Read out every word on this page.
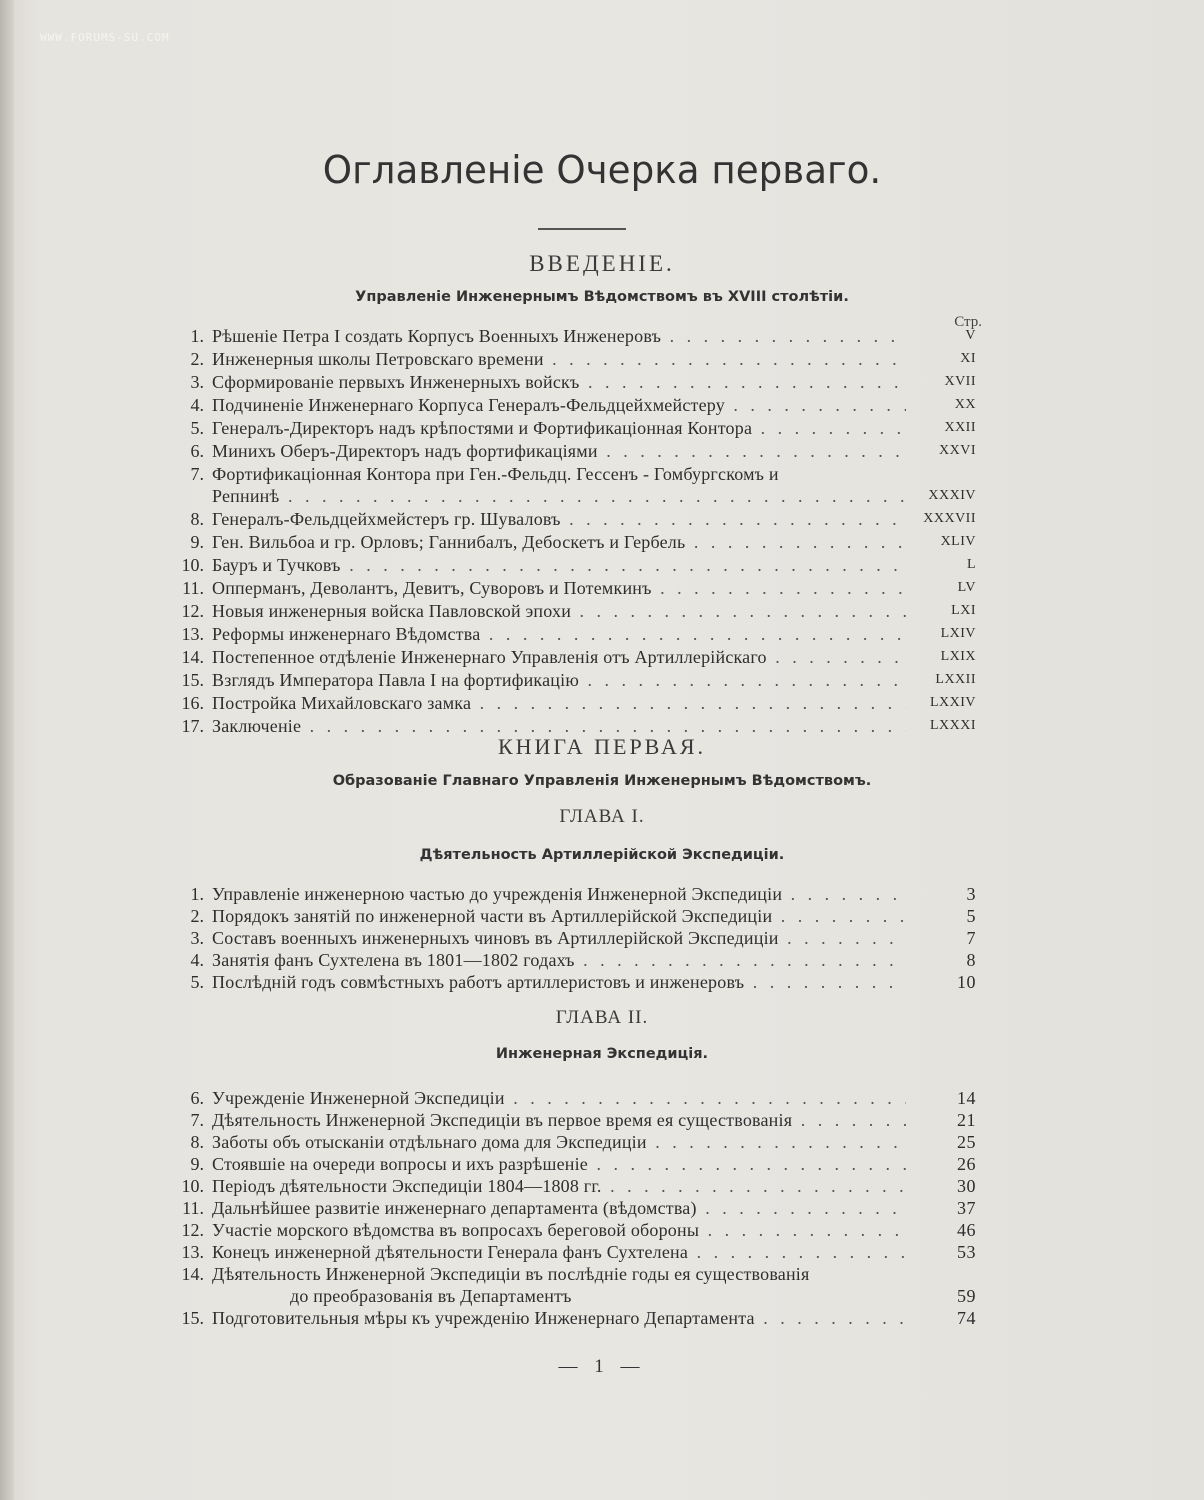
WWW.FORUMS-SU.COM
Оглавленіе Очерка перваго.
ВВЕДЕНІЕ.
Управленіе Инженернымъ Вѣдомствомъ въ XVIII столѣтіи.
Стр.
1. Рѣшеніе Петра I создать Корпусъ Военныхъ Инженеровъ . . .	V
2. Инженерныя школы Петровскаго времени . . .	XI
3. Сформированіе первыхъ Инженерныхъ войскъ . . .	XVII
4. Подчиненіе Инженернаго Корпуса Генералъ-Фельдцейхмейстеру . . .	XX
5. Генералъ-Директоръ надъ крѣпостями и Фортификаціонная Контора . . .	XXII
6. Минихъ Оберъ-Директоръ надъ фортификаціями . . .	XXVI
7. Фортификаціонная Контора при Ген.-Фельдц. Гессенъ - Гомбургскомъ и
Репнинѣ . . .	XXXIV
8. Генералъ-Фельдцейхмейстеръ гр. Шуваловъ . . .	XXXVII
9. Ген. Вильбоа и гр. Орловъ; Ганнибалъ, Дебоскетъ и Гербель . . .	XLIV
10. Бауръ и Тучковъ . . .	L
11. Опперманъ, Деволантъ, Девитъ, Суворовъ и Потемкинъ . . .	LV
12. Новыя инженерныя войска Павловской эпохи . . .	LXI
13. Реформы инженернаго Вѣдомства . . .	LXIV
14. Постепенное отдѣленіе Инженернаго Управленія отъ Артиллерійскаго . . .	LXIX
15. Взглядъ Императора Павла I на фортификацію . . .	LXXII
16. Постройка Михайловскаго замка . . .	LXXIV
17. Заключеніе . . .	LXXXI
КНИГА ПЕРВАЯ.
Образованіе Главнаго Управленія Инженернымъ Вѣдомствомъ.
ГЛАВА I.
Дѣятельность Артиллерійской Экспедиціи.
1. Управленіе инженерною частью до учрежденія Инженерной Экспедиціи . . .	3
2. Порядокъ занятій по инженерной части въ Артиллерійской Экспедиціи . . .	5
3. Составъ военныхъ инженерныхъ чиновъ въ Артиллерійской Экспедиціи . . .	7
4. Занятія фанъ Сухтелена въ 1801—1802 годахъ . . .	8
5. Послѣдній годъ совмѣстныхъ работъ артиллеристовъ и инженеровъ . . .	10
ГЛАВА II.
Инженерная Экспедиція.
6. Учрежденіе Инженерной Экспедиціи . . .	14
7. Дѣятельность Инженерной Экспедиціи въ первое время ея существованія . . .	21
8. Заботы объ отысканіи отдѣльнаго дома для Экспедиціи . . .	25
9. Стоявшіе на очереди вопросы и ихъ разрѣшеніе . . .	26
10. Періодъ дѣятельности Экспедиціи 1804—1808 гг. . . .	30
11. Дальнѣйшее развитіе инженернаго департамента (вѣдомства) . . .	37
12. Участіе морского вѣдомства въ вопросахъ береговой обороны . . .	46
13. Конецъ инженерной дѣятельности Генерала фанъ Сухтелена . . .	53
14. Дѣятельность Инженерной Экспедиціи въ послѣдніе годы ея существованія
до преобразованія въ Департаментъ	59
15. Подготовительныя мѣры къ учрежденію Инженернаго Департамента . . .	74
— 1 —
